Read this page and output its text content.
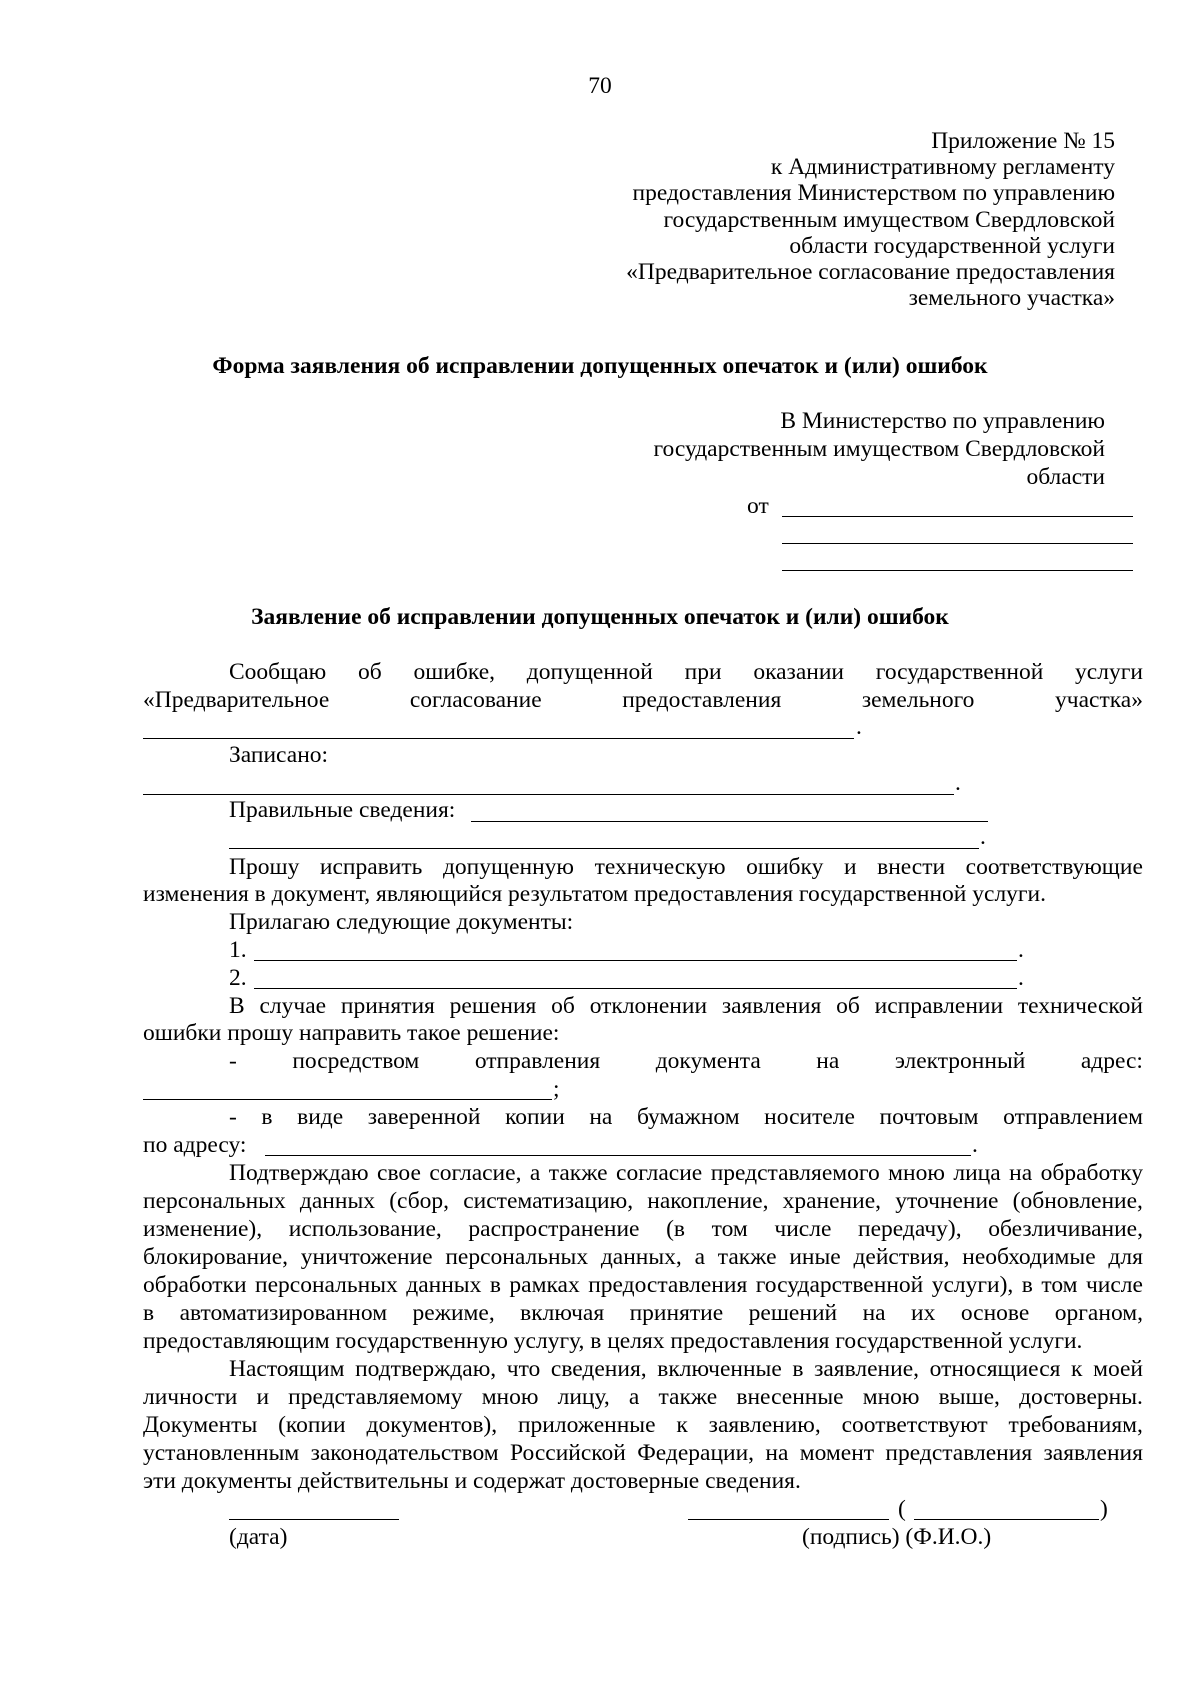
70
Приложение № 15
к Административному регламенту
предоставления Министерством по управлению
государственным имуществом Свердловской
области государственной услуги
«Предварительное согласование предоставления
земельного участка»
Форма заявления об исправлении допущенных опечаток и (или) ошибок
В Министерство по управлению
государственным имуществом Свердловской
области
от
Заявление об исправлении допущенных опечаток и (или) ошибок
Сообщаю об ошибке, допущенной при оказании государственной услуги
«Предварительное	согласование	предоставления	земельного	участка»
.
Записано:
.
Правильные сведения:
.
Прошу исправить допущенную техническую ошибку и внести соответствующие
изменения в документ, являющийся результатом предоставления государственной услуги.
Прилагаю следующие документы:
1.	.
2.	.
В случае принятия решения об отклонении заявления об исправлении технической
ошибки прошу направить такое решение:
- посредством отправления документа на электронный адрес:
;
- в виде заверенной копии на бумажном носителе почтовым отправлением
по адресу:	.
Подтверждаю свое согласие, а также согласие представляемого мною лица на обработку
персональных данных (сбор, систематизацию, накопление, хранение, уточнение (обновление,
изменение), использование, распространение (в том числе передачу), обезличивание,
блокирование, уничтожение персональных данных, а также иные действия, необходимые для
обработки персональных данных в рамках предоставления государственной услуги), в том числе
в автоматизированном режиме, включая принятие решений на их основе органом,
предоставляющим государственную услугу, в целях предоставления государственной услуги.
Настоящим подтверждаю, что сведения, включенные в заявление, относящиеся к моей
личности и представляемому мною лицу, а также внесенные мною выше, достоверны.
Документы (копии документов), приложенные к заявлению, соответствуют требованиям,
установленным законодательством Российской Федерации, на момент представления заявления
эти документы действительны и содержат достоверные сведения.
(	)
(дата)	(подпись) (Ф.И.О.)
